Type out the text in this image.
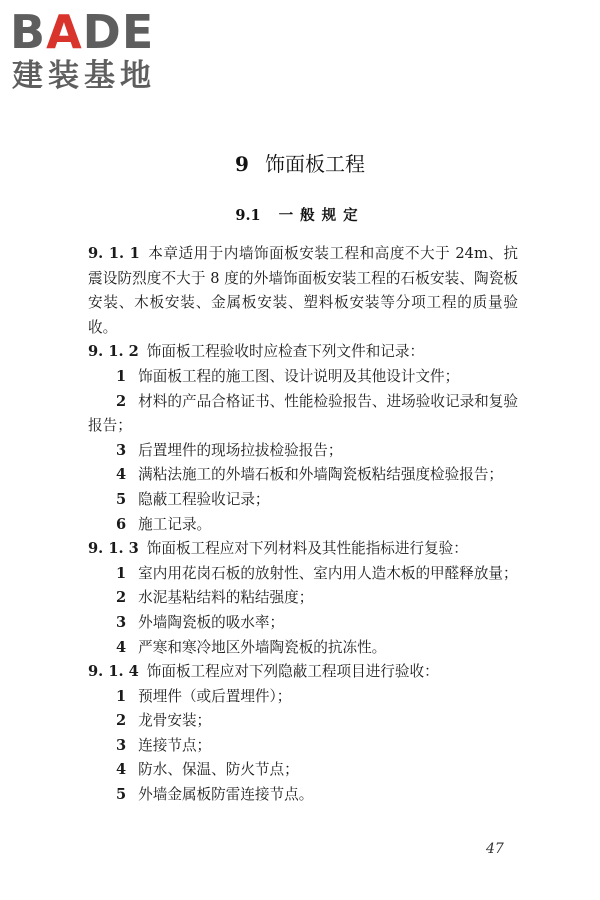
BADE
建装基地
9 饰面板工程
9.1 一般规定

9. 1. 1 本章适用于内墙饰面板安装工程和高度不大于 24m、抗震设防烈度不大于 8 度的外墙饰面板安装工程的石板安装、陶瓷板安装、木板安装、金属板安装、塑料板安装等分项工程的质量验收。

9. 1. 2 饰面板工程验收时应检查下列文件和记录：

1 饰面板工程的施工图、设计说明及其他设计文件；

2 材料的产品合格证书、性能检验报告、进场验收记录和复验报告；

3 后置埋件的现场拉拔检验报告；

4 满粘法施工的外墙石板和外墙陶瓷板粘结强度检验报告；

5 隐蔽工程验收记录；

6 施工记录。

9. 1. 3 饰面板工程应对下列材料及其性能指标进行复验：

1 室内用花岗石板的放射性、室内用人造木板的甲醛释放量；

2 水泥基粘结料的粘结强度；

3 外墙陶瓷板的吸水率；

4 严寒和寒冷地区外墙陶瓷板的抗冻性。

9. 1. 4 饰面板工程应对下列隐蔽工程项目进行验收：

1 预埋件（或后置埋件）；

2 龙骨安装；

3 连接节点；

4 防水、保温、防火节点；

5 外墙金属板防雷连接节点。

47
